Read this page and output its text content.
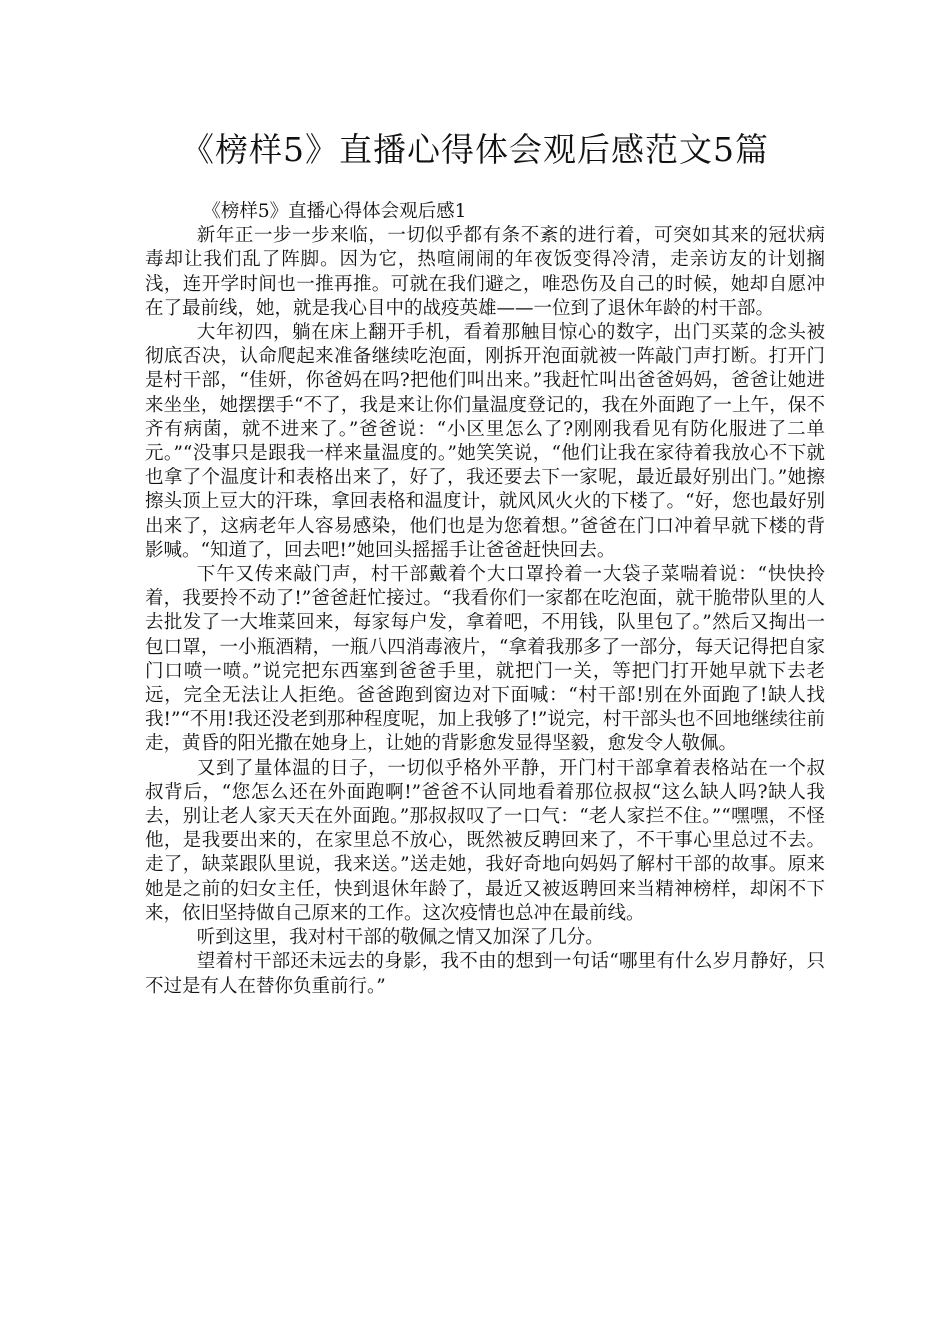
《榜样5》直播心得体会观后感范文5篇

《榜样5》直播心得体会观后感1

新年正一步一步来临，一切似乎都有条不紊的进行着，可突如其来的冠状病毒却让我们乱了阵脚。因为它，热喧闹闹的年夜饭变得冷清，走亲访友的计划搁浅，连开学时间也一推再推。可就在我们避之，唯恐伤及自己的时候，她却自愿冲在了最前线，她，就是我心目中的战疫英雄——一位到了退休年龄的村干部。

大年初四，躺在床上翻开手机，看着那触目惊心的数字，出门买菜的念头被彻底否决，认命爬起来准备继续吃泡面，刚拆开泡面就被一阵敲门声打断。打开门是村干部，“佳妍，你爸妈在吗?把他们叫出来。”我赶忙叫出爸爸妈妈，爸爸让她进来坐坐，她摆摆手“不了，我是来让你们量温度登记的，我在外面跑了一上午，保不齐有病菌，就不进来了。”爸爸说：“小区里怎么了?刚刚我看见有防化服进了二单元。”“没事只是跟我一样来量温度的。”她笑笑说，“他们让我在家待着我放心不下就也拿了个温度计和表格出来了，好了，我还要去下一家呢，最近最好别出门。”她擦擦头顶上豆大的汗珠，拿回表格和温度计，就风风火火的下楼了。“好，您也最好别出来了，这病老年人容易感染，他们也是为您着想。”爸爸在门口冲着早就下楼的背影喊。“知道了，回去吧!”她回头摇摇手让爸爸赶快回去。

下午又传来敲门声，村干部戴着个大口罩拎着一大袋子菜喘着说：“快快拎着，我要拎不动了!”爸爸赶忙接过。“我看你们一家都在吃泡面，就干脆带队里的人去批发了一大堆菜回来，每家每户发，拿着吧，不用钱，队里包了。”然后又掏出一包口罩，一小瓶酒精，一瓶八四消毒液片，“拿着我那多了一部分，每天记得把自家门口喷一喷。”说完把东西塞到爸爸手里，就把门一关，等把门打开她早就下去老远，完全无法让人拒绝。爸爸跑到窗边对下面喊：“村干部!别在外面跑了!缺人找我!”“不用!我还没老到那种程度呢，加上我够了!”说完，村干部头也不回地继续往前走，黄昏的阳光撒在她身上，让她的背影愈发显得坚毅，愈发令人敬佩。

又到了量体温的日子，一切似乎格外平静，开门村干部拿着表格站在一个叔叔背后，“您怎么还在外面跑啊!”爸爸不认同地看着那位叔叔“这么缺人吗?缺人我去，别让老人家天天在外面跑。”那叔叔叹了一口气：“老人家拦不住。”“嘿嘿，不怪他，是我要出来的，在家里总不放心，既然被反聘回来了，不干事心里总过不去。走了，缺菜跟队里说，我来送。”送走她，我好奇地向妈妈了解村干部的故事。原来她是之前的妇女主任，快到退休年龄了，最近又被返聘回来当精神榜样，却闲不下来，依旧坚持做自己原来的工作。这次疫情也总冲在最前线。

听到这里，我对村干部的敬佩之情又加深了几分。

望着村干部还未远去的身影，我不由的想到一句话“哪里有什么岁月静好，只不过是有人在替你负重前行。”
